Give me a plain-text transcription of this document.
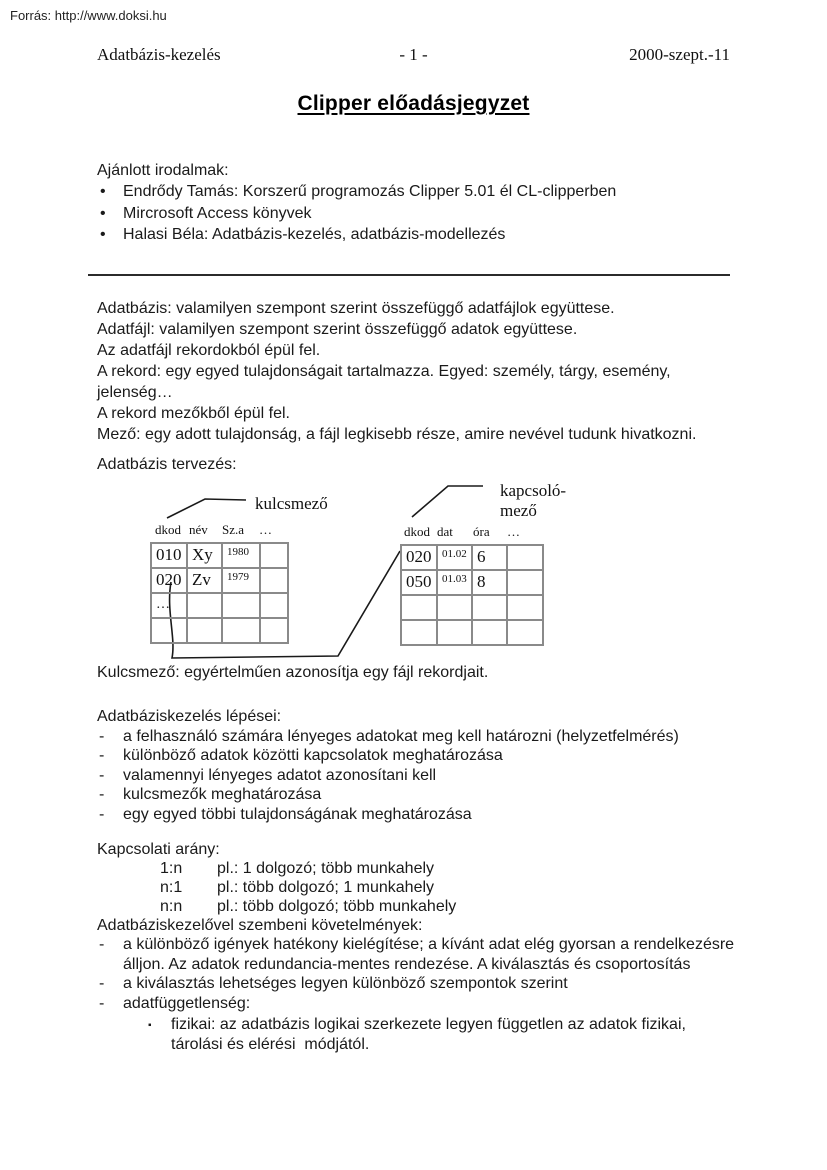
Forrás: http://www.doksi.hu
Adatbázis-kezelés	- 1 -	2000-szept.-11
Clipper előadásjegyzet
Ajánlott irodalmak:
•	Endrődy Tamás: Korszerű programozás Clipper 5.01 él CL-clipperben
•	Mircrosoft Access könyvek
•	Halasi Béla: Adatbázis-kezelés, adatbázis-modellezés
Adatbázis: valamilyen szempont szerint összefüggő adatfájlok együttese.
Adatfájl: valamilyen szempont szerint összefüggő adatok együttese.
Az adatfájl rekordokból épül fel.
A rekord: egy egyed tulajdonságait tartalmazza. Egyed: személy, tárgy, esemény, jelenség…
A rekord mezőkből épül fel.
Mező: egy adott tulajdonság, a fájl legkisebb része, amire nevével tudunk hivatkozni.
Adatbázis tervezés:
kulcsmező
kapcsoló-
mező
dkod név Sz.a …	dkod dat óra …
010	Xy	1980	
020	Zv	1979	
…			

020	01.02	6	
050	01.03	8	

Kulcsmező: egyértelműen azonosítja egy fájl rekordjait.
Adatbáziskezelés lépései:
-	a felhasználó számára lényeges adatokat meg kell határozni (helyzetfelmérés)
-	különböző adatok közötti kapcsolatok meghatározása
-	valamennyi lényeges adatot azonosítani kell
-	kulcsmezők meghatározása
-	egy egyed többi tulajdonságának meghatározása
Kapcsolati arány:
1:n	pl.: 1 dolgozó; több munkahely
n:1	pl.: több dolgozó; 1 munkahely
n:n	pl.: több dolgozó; több munkahely
Adatbáziskezelővel szembeni követelmények:
-	a különböző igények hatékony kielégítése; a kívánt adat elég gyorsan a rendelkezésre álljon. Az adatok redundancia-mentes rendezése. A kiválasztás és csoportosítás
-	a kiválasztás lehetséges legyen különböző szempontok szerint
-	adatfüggetlenség:
▪	fizikai: az adatbázis logikai szerkezete legyen független az adatok fizikai, tárolási és elérési  módjától.
